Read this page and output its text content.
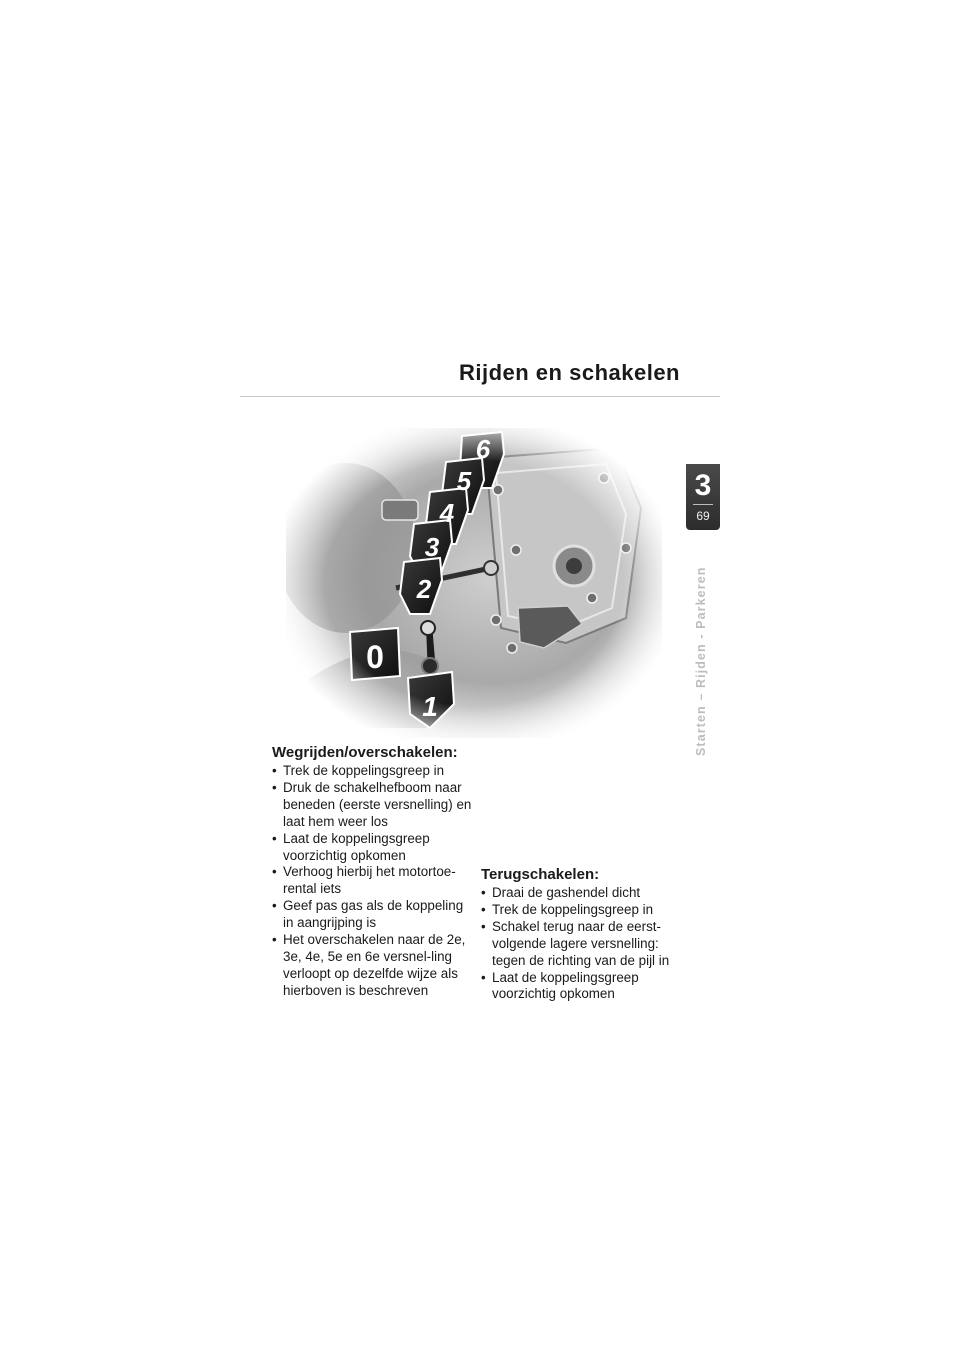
Rijden en schakelen
3
69
Starten – Rijden - Parkeren
Wegrijden/overschakelen:
• Trek de koppelingsgreep in
• Druk de schakelhefboom naar beneden (eerste versnelling) en laat hem weer los
• Laat de koppelingsgreep voorzichtig opkomen
• Verhoog hierbij het motortoe-rental iets
• Geef pas gas als de koppeling in aangrijping is
• Het overschakelen naar de 2e, 3e, 4e, 5e en 6e versnel-ling verloopt op dezelfde wijze als hierboven is beschreven
Terugschakelen:
• Draai de gashendel dicht
• Trek de koppelingsgreep in
• Schakel terug naar de eerst-volgende lagere versnelling: tegen de richting van de pijl in
• Laat de koppelingsgreep voorzichtig opkomen
